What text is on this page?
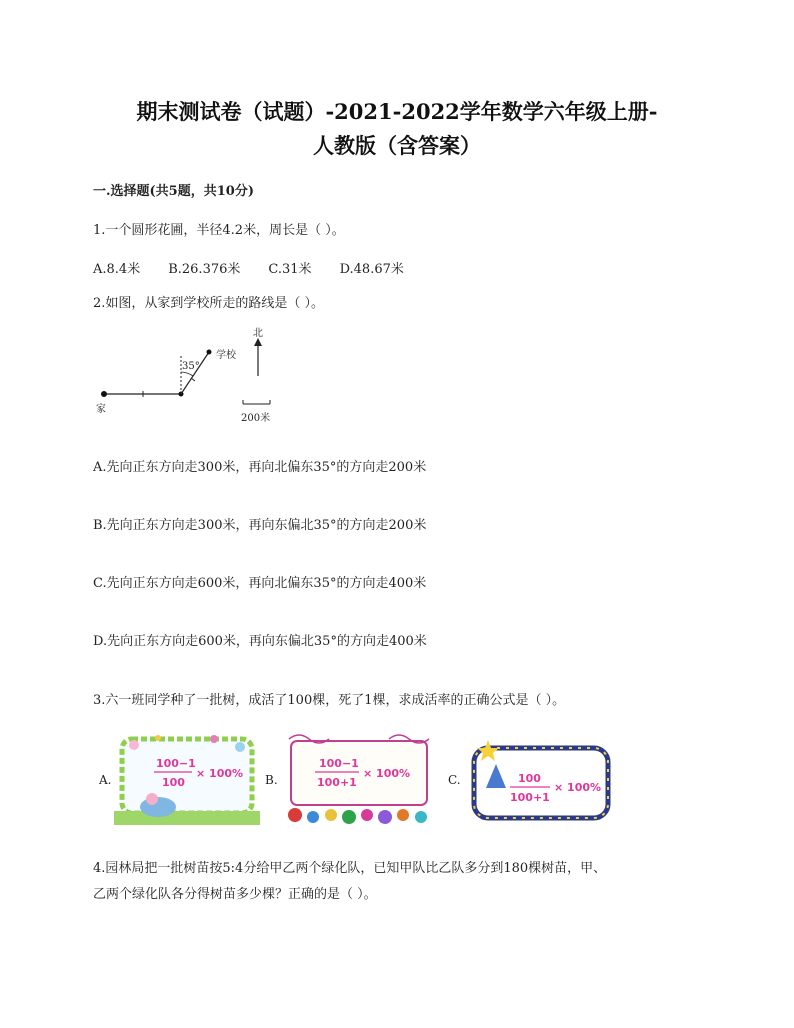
期末测试卷（试题）-2021-2022学年数学六年级上册-
人教版（含答案）
一.选择题(共5题，共10分)
1.一个圆形花圃，半径4.2米，周长是（ ）。
A.8.4米 B.26.376米 C.31米 D.48.67米
2.如图，从家到学校所走的路线是（ ）。
35°
学校
家
北
200米
A.先向正东方向走300米，再向北偏东35°的方向走200米
B.先向正东方向走300米，再向东偏北35°的方向走200米
C.先向正东方向走600米，再向北偏东35°的方向走400米
D.先向正东方向走600米，再向东偏北35°的方向走400米
3.六一班同学种了一批树，成活了100棵，死了1棵，求成活率的正确公式是（ ）。
A.
100−1
100
× 100% B.
100−1
100+1
× 100%	C.	100
100+1
× 100%
4.园林局把一批树苗按5:4分给甲乙两个绿化队，已知甲队比乙队多分到180棵树苗，甲、
乙两个绿化队各分得树苗多少棵？正确的是（ ）。
